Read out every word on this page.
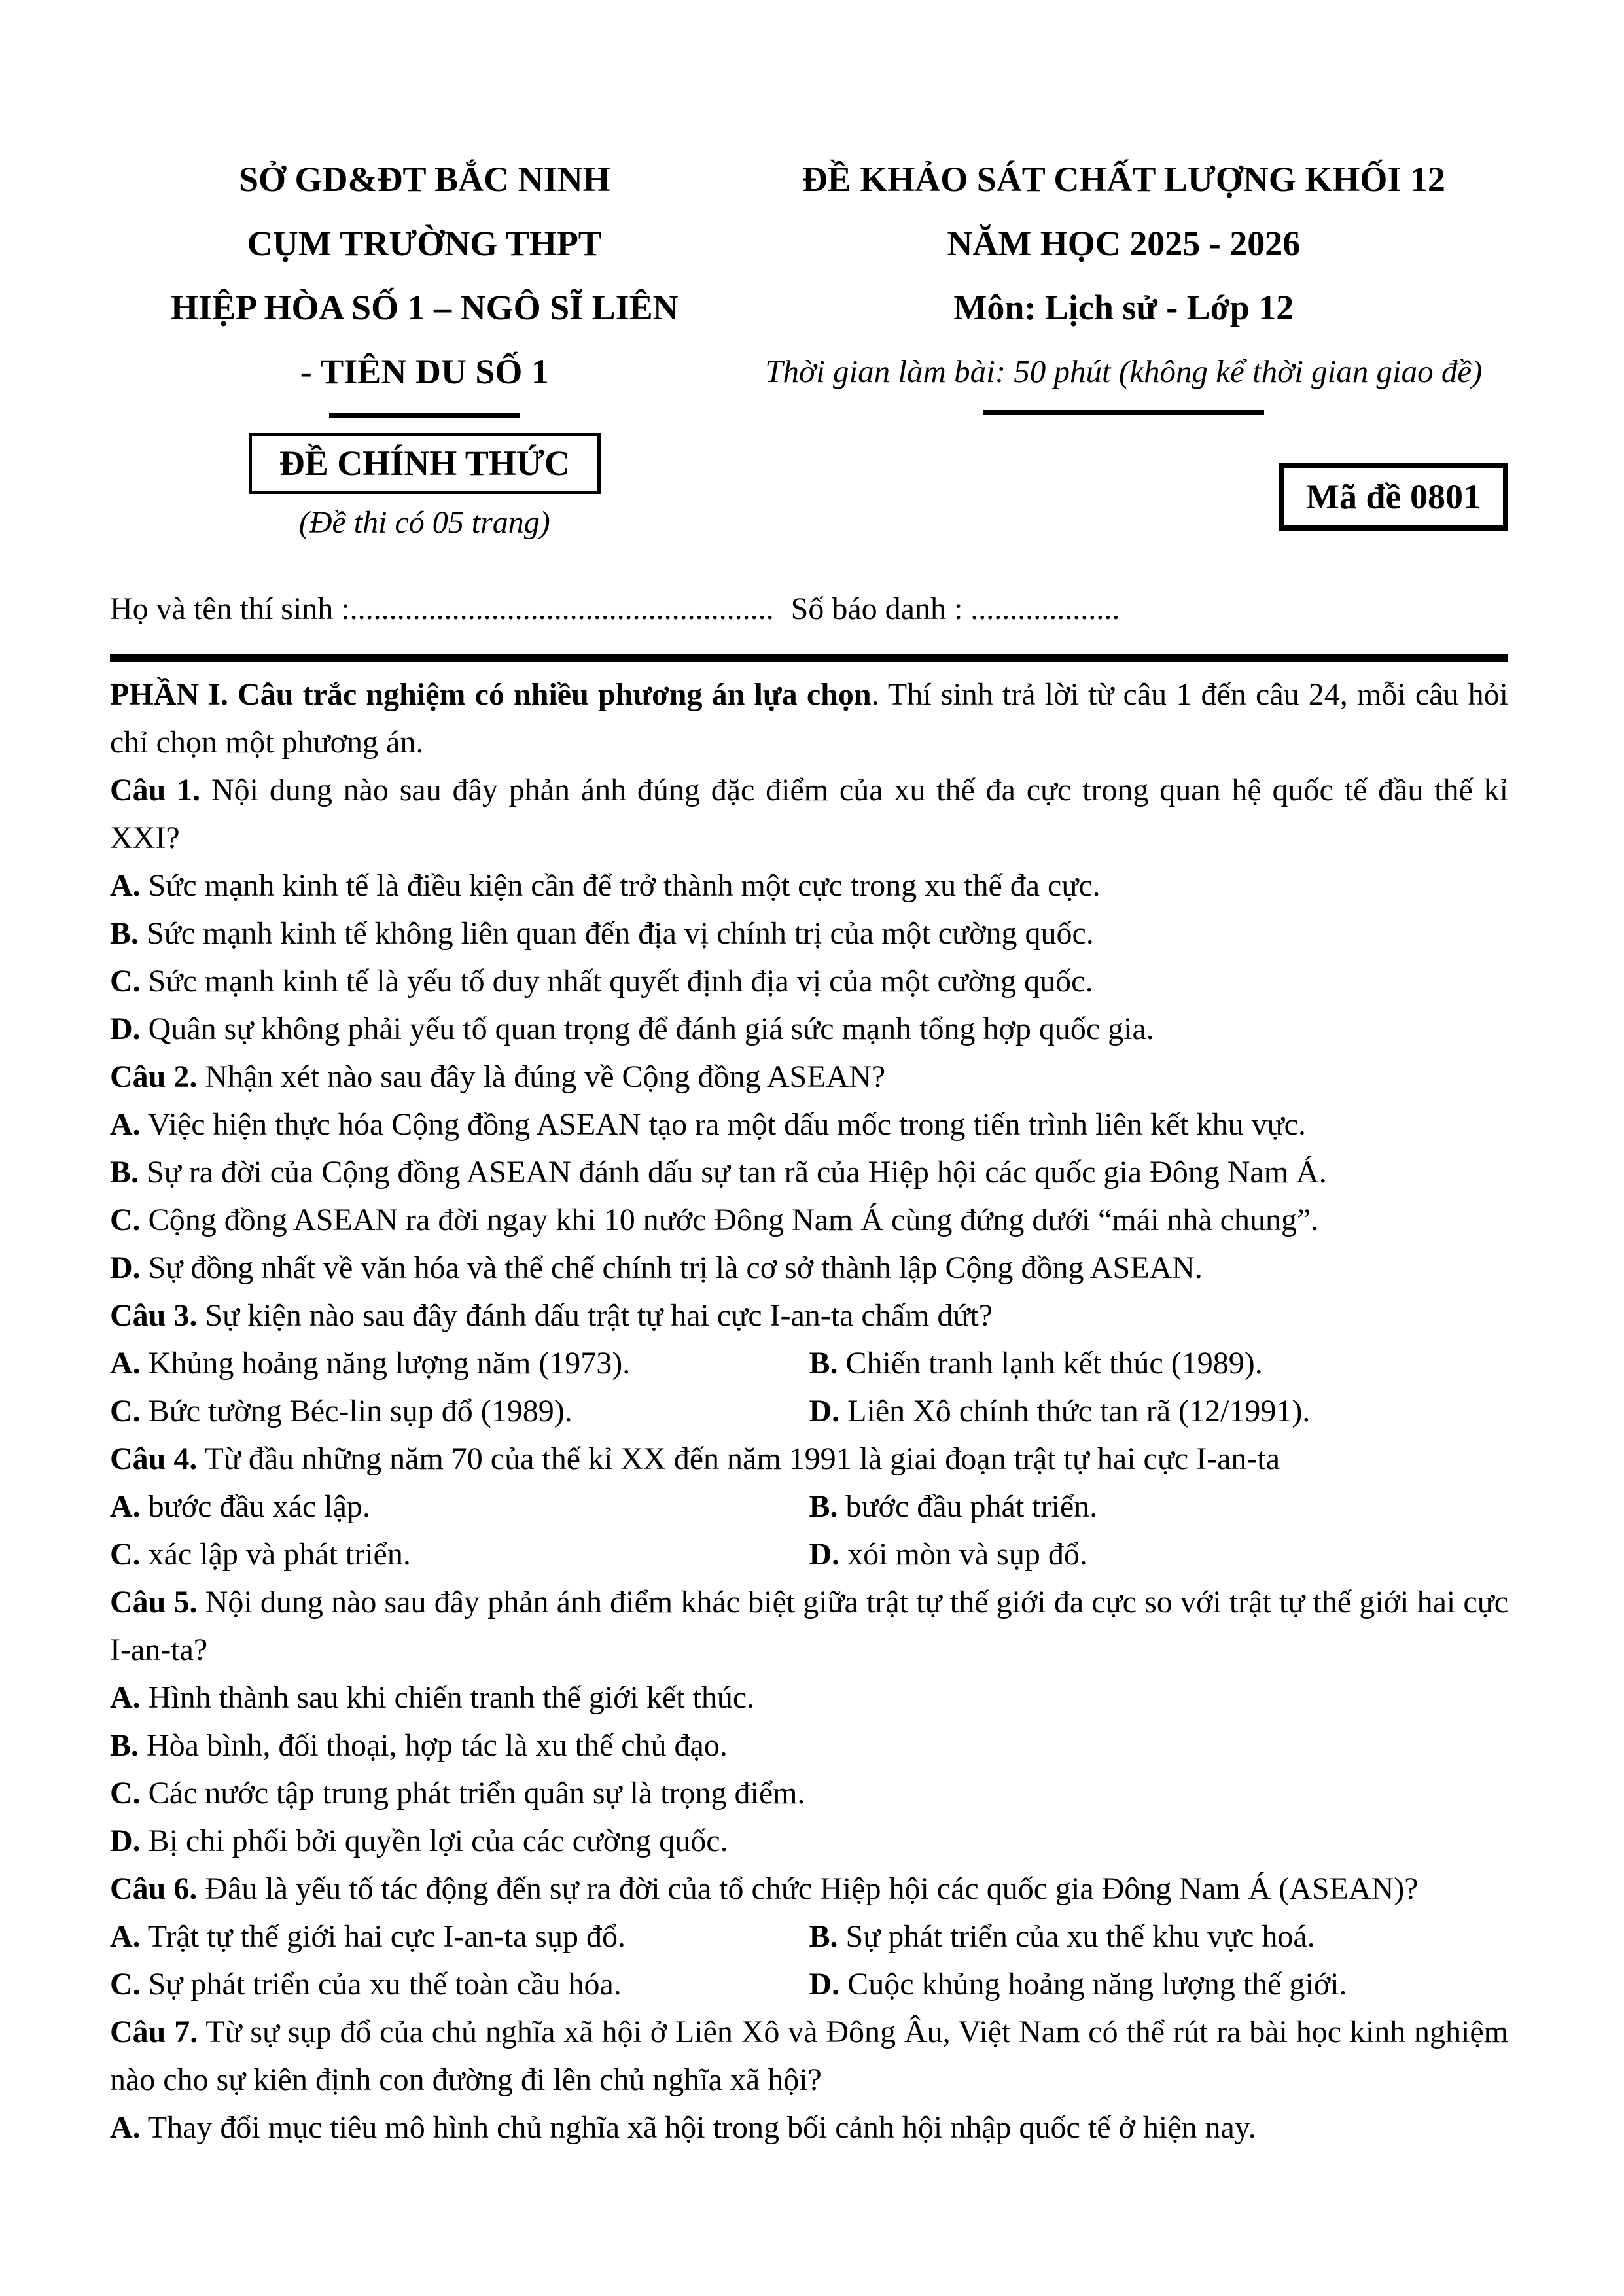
SỞ GD&ĐT BẮC NINH
CỤM TRƯỜNG THPT
HIỆP HÒA SỐ 1 – NGÔ SĨ LIÊN
- TIÊN DU SỐ 1
ĐỀ KHẢO SÁT CHẤT LƯỢNG KHỐI 12
NĂM HỌC 2025 - 2026
Môn: Lịch sử - Lớp 12
Thời gian làm bài: 50 phút (không kể thời gian giao đề)
ĐỀ CHÍNH THỨC
(Đề thi có 05 trang)
Mã đề 0801
Họ và tên thí sinh :...................................................... Số báo danh : ...................

PHẦN I. Câu trắc nghiệm có nhiều phương án lựa chọn. Thí sinh trả lời từ câu 1 đến câu 24, mỗi câu hỏi chỉ chọn một phương án.

Câu 1. Nội dung nào sau đây phản ánh đúng đặc điểm của xu thế đa cực trong quan hệ quốc tế đầu thế kỉ XXI?

A. Sức mạnh kinh tế là điều kiện cần để trở thành một cực trong xu thế đa cực.
B. Sức mạnh kinh tế không liên quan đến địa vị chính trị của một cường quốc.
C. Sức mạnh kinh tế là yếu tố duy nhất quyết định địa vị của một cường quốc.
D. Quân sự không phải yếu tố quan trọng để đánh giá sức mạnh tổng hợp quốc gia.

Câu 2. Nhận xét nào sau đây là đúng về Cộng đồng ASEAN?

A. Việc hiện thực hóa Cộng đồng ASEAN tạo ra một dấu mốc trong tiến trình liên kết khu vực.
B. Sự ra đời của Cộng đồng ASEAN đánh dấu sự tan rã của Hiệp hội các quốc gia Đông Nam Á.
C. Cộng đồng ASEAN ra đời ngay khi 10 nước Đông Nam Á cùng đứng dưới “mái nhà chung”.
D. Sự đồng nhất về văn hóa và thể chế chính trị là cơ sở thành lập Cộng đồng ASEAN.

Câu 3. Sự kiện nào sau đây đánh dấu trật tự hai cực I-an-ta chấm dứt?

A. Khủng hoảng năng lượng năm (1973).	B. Chiến tranh lạnh kết thúc (1989).
C. Bức tường Béc-lin sụp đổ (1989).	D. Liên Xô chính thức tan rã (12/1991).

Câu 4. Từ đầu những năm 70 của thế kỉ XX đến năm 1991 là giai đoạn trật tự hai cực I-an-ta

A. bước đầu xác lập.	B. bước đầu phát triển.
C. xác lập và phát triển.	D. xói mòn và sụp đổ.

Câu 5. Nội dung nào sau đây phản ánh điểm khác biệt giữa trật tự thế giới đa cực so với trật tự thế giới hai cực I-an-ta?

A. Hình thành sau khi chiến tranh thế giới kết thúc.
B. Hòa bình, đối thoại, hợp tác là xu thế chủ đạo.
C. Các nước tập trung phát triển quân sự là trọng điểm.
D. Bị chi phối bởi quyền lợi của các cường quốc.

Câu 6. Đâu là yếu tố tác động đến sự ra đời của tổ chức Hiệp hội các quốc gia Đông Nam Á (ASEAN)?

A. Trật tự thế giới hai cực I-an-ta sụp đổ.	B. Sự phát triển của xu thế khu vực hoá.
C. Sự phát triển của xu thế toàn cầu hóa.	D. Cuộc khủng hoảng năng lượng thế giới.

Câu 7. Từ sự sụp đổ của chủ nghĩa xã hội ở Liên Xô và Đông Âu, Việt Nam có thể rút ra bài học kinh nghiệm nào cho sự kiên định con đường đi lên chủ nghĩa xã hội?

A. Thay đổi mục tiêu mô hình chủ nghĩa xã hội trong bối cảnh hội nhập quốc tế ở hiện nay.
